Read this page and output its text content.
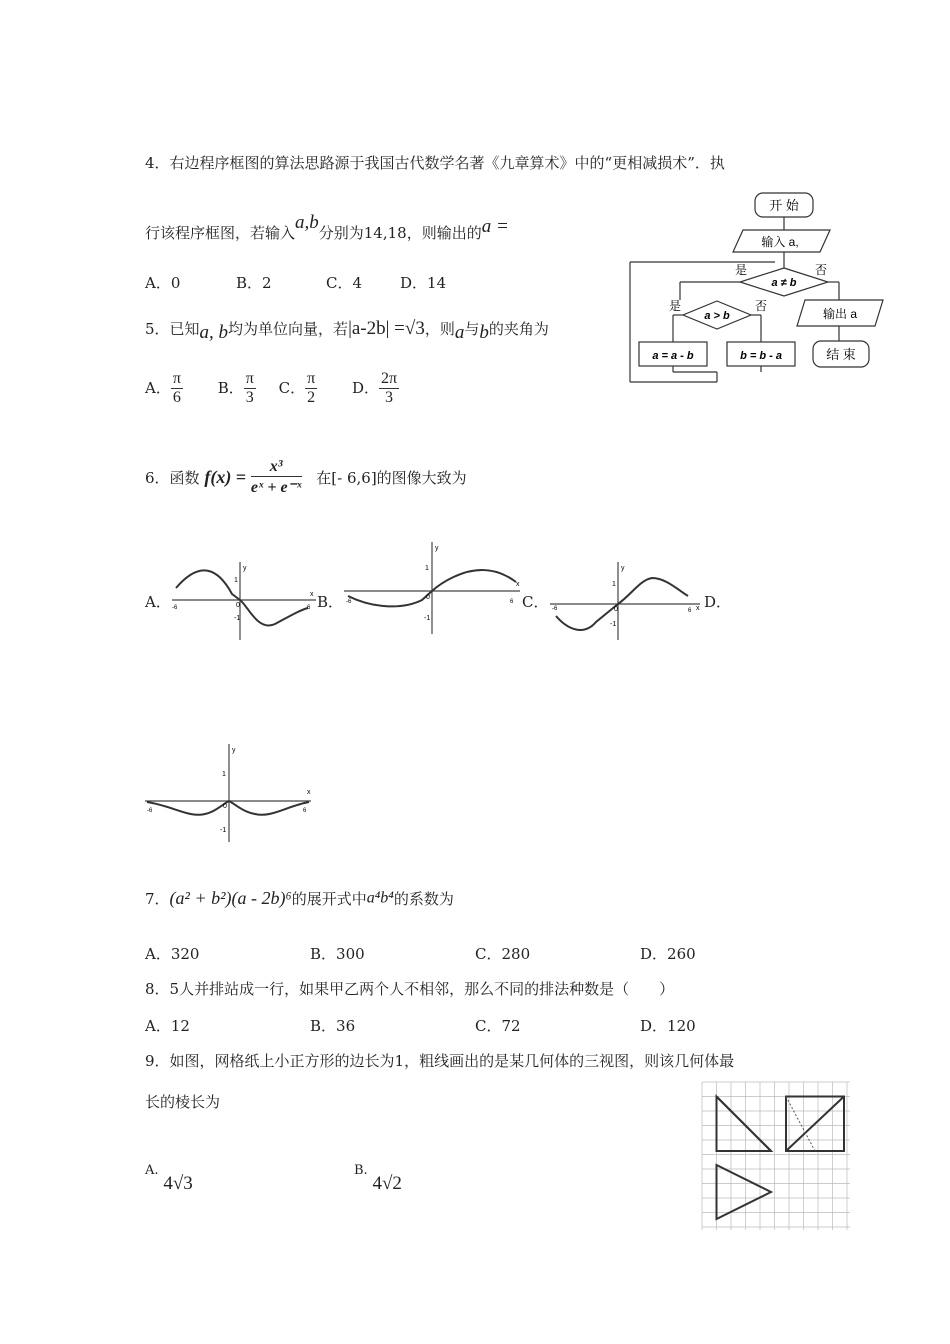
4．右边程序框图的算法思路源于我国古代数学名著《九章算术》中的“更相减损术”．执
行该程序框图，若输入a,b分别为14,18，则输出的a =
A．0	B．2	C．4	D．14
开 始
输入 a,
a ≠ b
是	否
a > b
是	否
a = a - b	b = b - a
输出 a
结 束
5．已知a, b均为单位向量，若|a-2b| =√3，则a与b的夹角为
A． $\frac{\pi}{6}$ B． $\frac{\pi}{3}$ C． $\frac{\pi}{2}$ D． $\frac{2\pi}{3}$
6．函数 $f(x) = \frac{\text{x³}}{\text{eˣ + e⁻ˣ}}$ 在[- 6,6]的图像大致为
A．	B．	C．	D．
y
x
1
-1
0
-6	6
y
x
1
-1
0
-6	6
y
x
1
-1
0
-6	6
y
x
1
-1
0
-6	6
7．(a² + b²)(a - 2b)⁶的展开式中a⁴b⁴的系数为
A．320	B．300	C．280	D．260
8．5人并排站成一行，如果甲乙两个人不相邻，那么不同的排法种数是（　　）
A．12	B．36	C．72	D．120
9．如图，网格纸上小正方形的边长为1，粗线画出的是某几何体的三视图，则该几何体最
长的棱长为
A. 4√3
B. 4√2
